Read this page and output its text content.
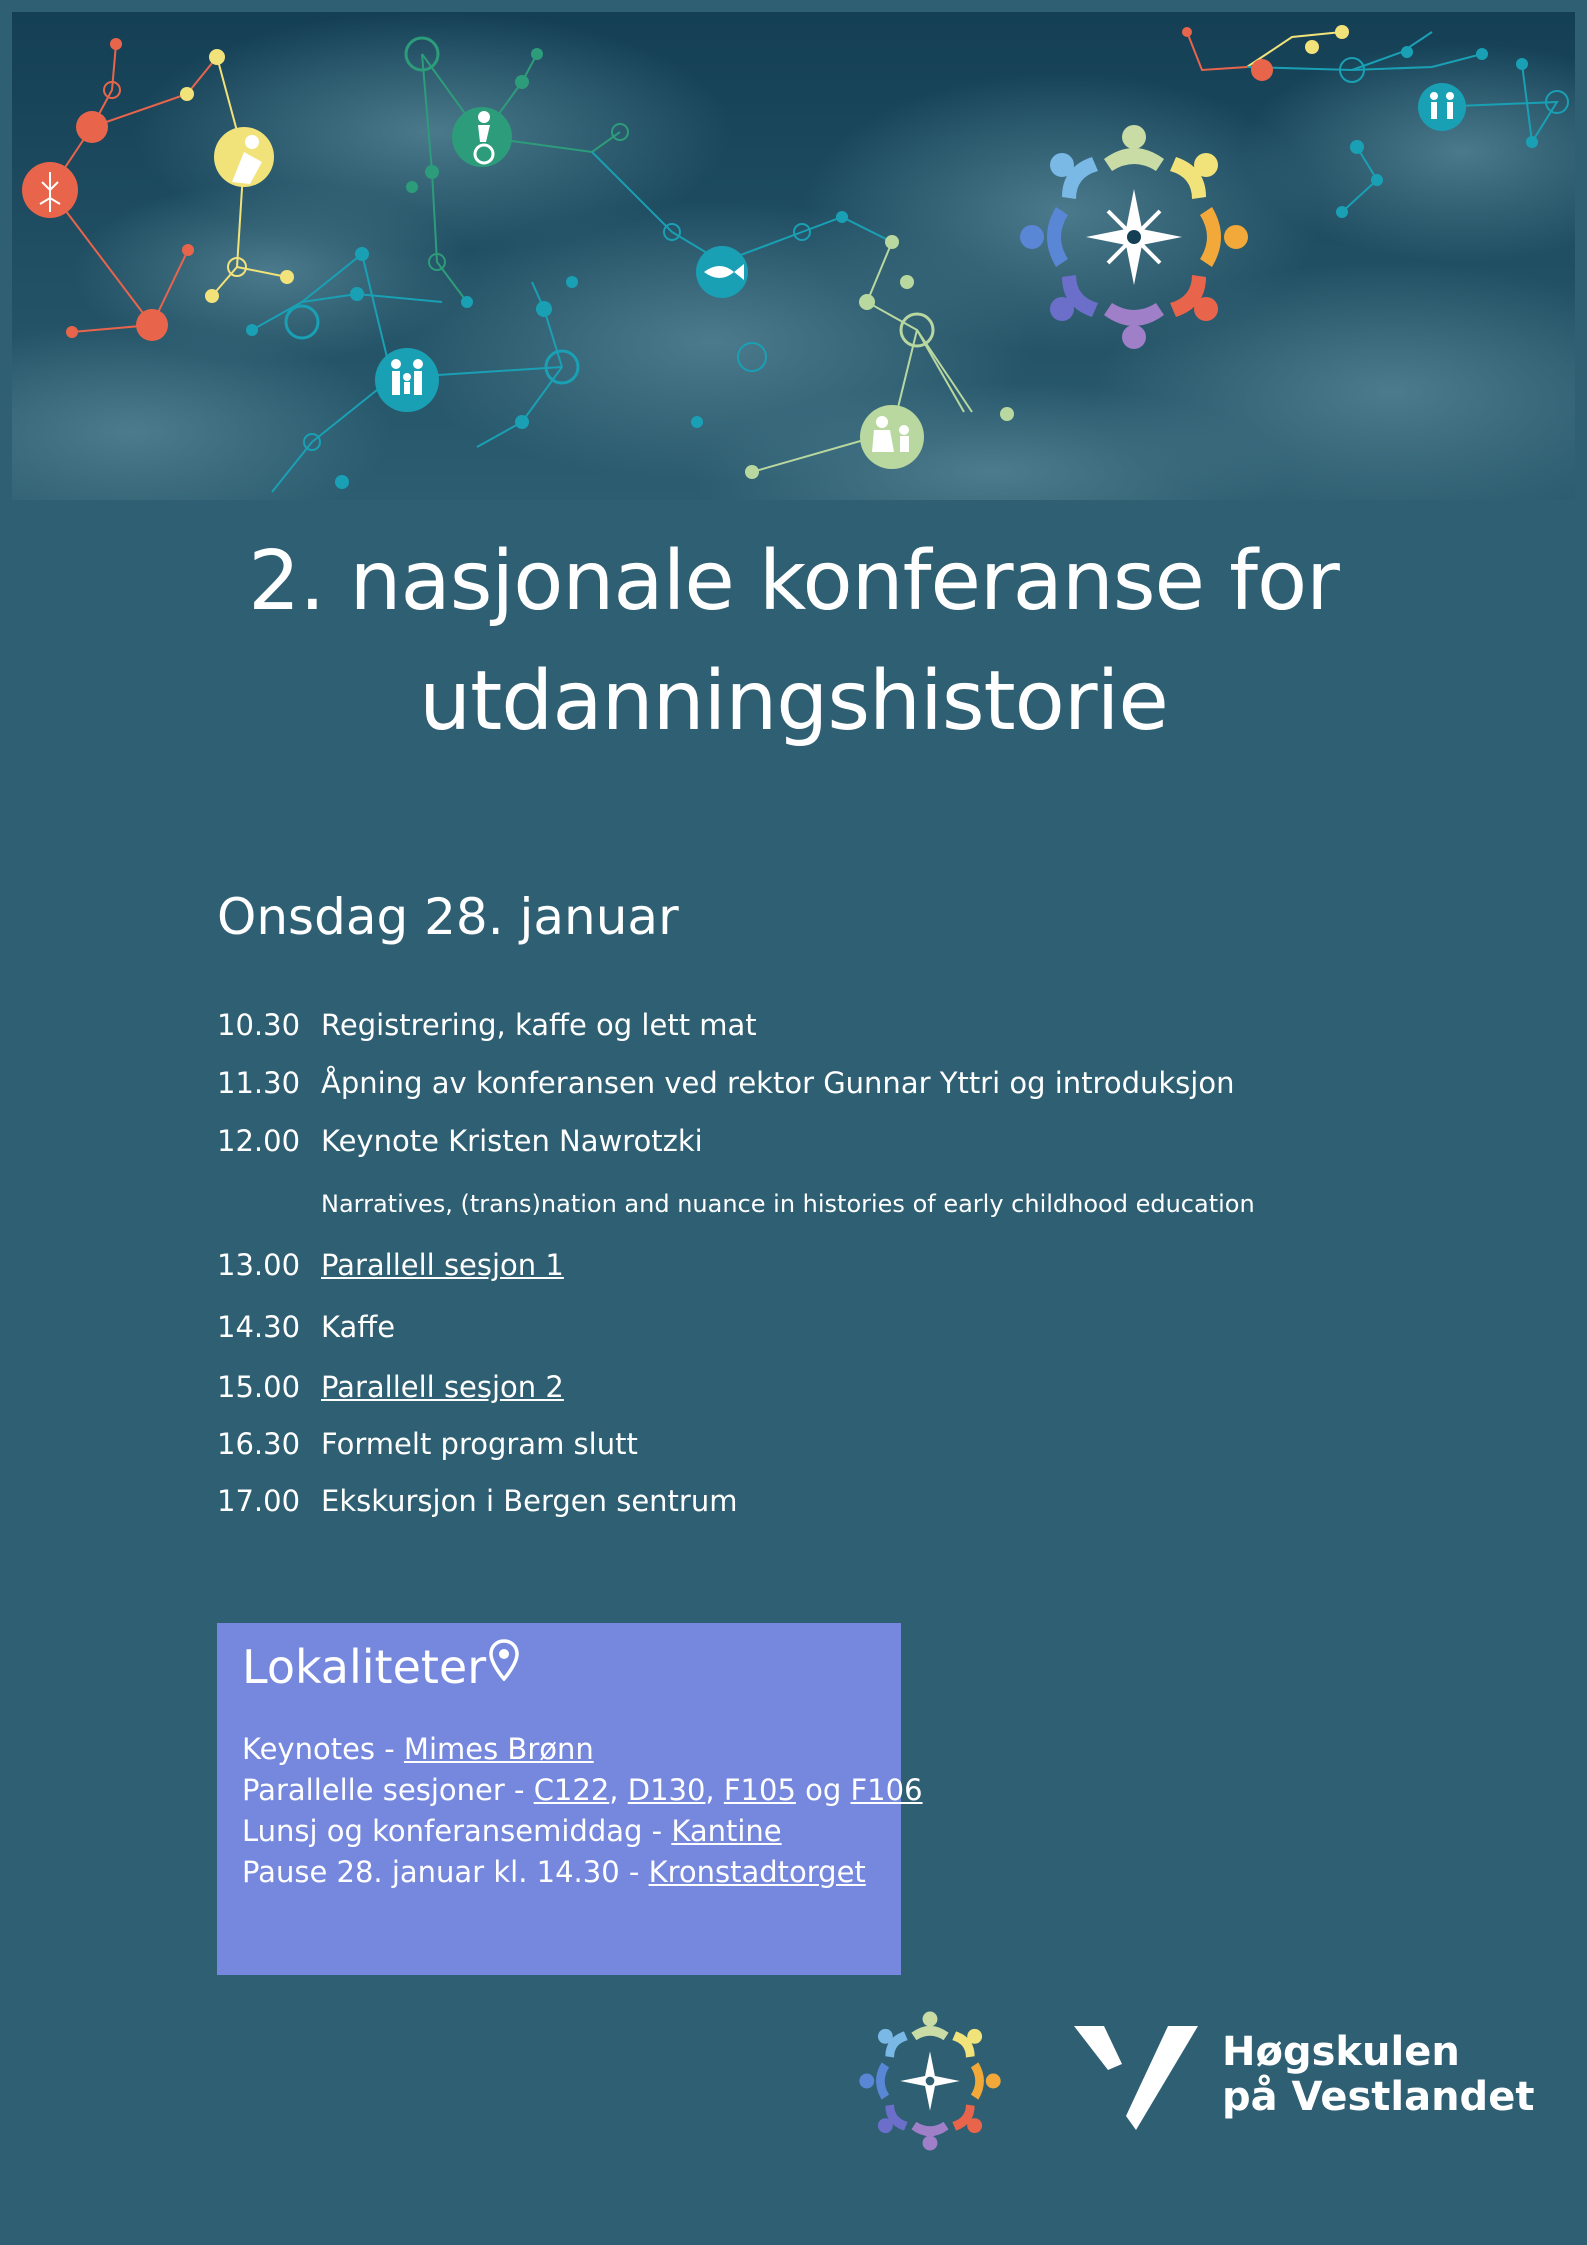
2. nasjonale konferanse for
utdanningshistorie
Onsdag 28. januar
10.30 Registrering, kaffe og lett mat
11.30 Åpning av konferansen ved rektor Gunnar Yttri og introduksjon
12.00 Keynote Kristen Nawrotzki
Narratives, (trans)nation and nuance in histories of early childhood education
13.00 Parallell sesjon 1
14.30 Kaffe
15.00 Parallell sesjon 2
16.30 Formelt program slutt
17.00 Ekskursjon i Bergen sentrum
Lokaliteter
Keynotes - Mimes Brønn
Parallelle sesjoner - C122, D130, F105 og F106
Lunsj og konferansemiddag - Kantine
Pause 28. januar kl. 14.30 - Kronstadtorget
Høgskulen
på Vestlandet
